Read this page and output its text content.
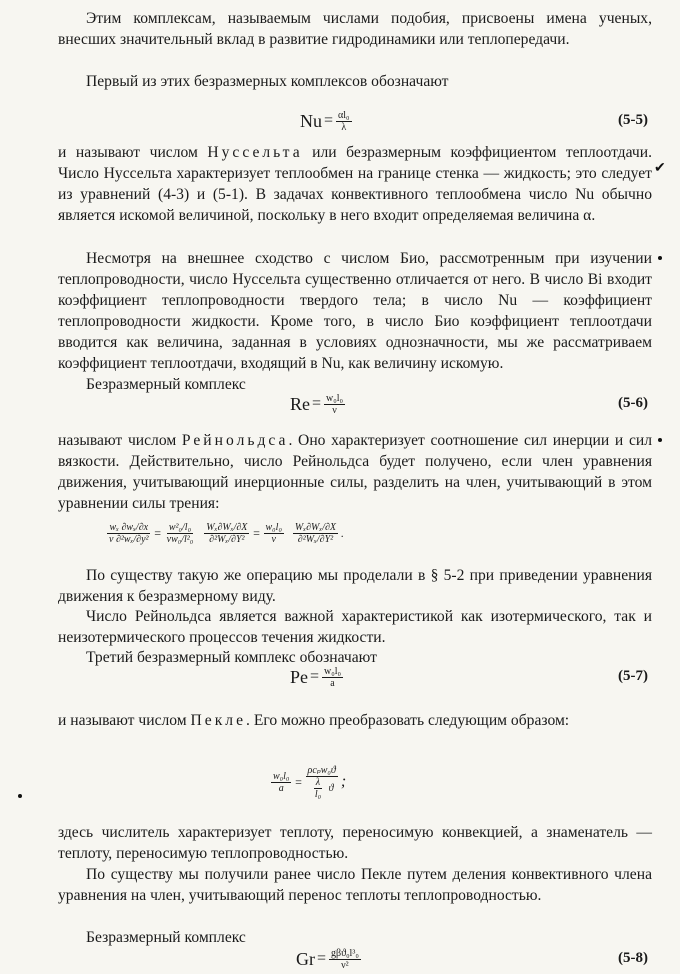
Этим комплексам, называемым числами подобия, присвоены имена ученых, внесших значительный вклад в развитие гидродинамики или теплопередачи.

Первый из этих безразмерных комплексов обозначают

$Nu = \frac{\text{αl₀}}{\lambda}$	(5-5)

и называют числом Нуссельта или безразмерным коэффициентом теплоотдачи. Число Нуссельта характеризует теплообмен на границе стенка — жидкость; это следует из уравнений (4-3) и (5-1). В задачах конвективного теплообмена число Nu обычно является искомой величиной, поскольку в него входит определяемая величина α.

Несмотря на внешнее сходство с числом Био, рассмотренным при изучении теплопроводности, число Нуссельта существенно отличается от него. В число Bi входит коэффициент теплопроводности твердого тела; в число Nu — коэффициент теплопроводности жидкости. Кроме того, в число Био коэффициент теплоотдачи вводится как величина, заданная в условиях однозначности, мы же рассматриваем коэффициент теплоотдачи, входящий в Nu, как величину искомую.

Безразмерный комплекс

$Re = \frac{\text{w₀l₀}}{\nu}$	(5-6)

называют числом Рейнольдса. Оно характеризует соотношение сил инерции и сил вязкости. Действительно, число Рейнольдса будет получено, если член уравнения движения, учитывающий инерционные силы, разделить на член, учитывающий в этом уравнении силы трения:

$\frac{\text{wₓ ∂wₓ/∂x}}{\text{ν ∂²wₓ/∂y²}} = \frac{\text{w²₀/l₀}}{\text{νw₀/l²₀}}$
$\frac{\text{Wₓ∂Wₓ/∂X}}{\text{∂²Wₓ/∂Y²}} = \frac{\text{w₀l₀}}{\nu}$
$\frac{\text{Wₓ∂Wₓ/∂X}}{\text{∂²Wₓ/∂Y²}}$ .

По существу такую же операцию мы проделали в § 5-2 при приведении уравнения движения к безразмерному виду.

Число Рейнольдса является важной характеристикой как изотермического, так и неизотермического процессов течения жидкости.

Третий безразмерный комплекс обозначают

$Pe = \frac{\text{w₀l₀}}{a}$	(5-7)

и называют числом Пекле. Его можно преобразовать следующим образом:

$\frac{\text{w₀l₀}}{a} = \frac{\text{ρcₚw₀ϑ}}{\frac{\lambda}{\text{l₀}} ϑ}$ ;

здесь числитель характеризует теплоту, переносимую конвекцией, а знаменатель — теплоту, переносимую теплопроводностью.

По существу мы получили ранее число Пекле путем деления конвективного члена уравнения на член, учитывающий перенос теплоты теплопроводностью.

Безразмерный комплекс

$Gr = \frac{\text{gβϑ₀l³₀}}{\text{ν²}}$	(5-8)
✔
